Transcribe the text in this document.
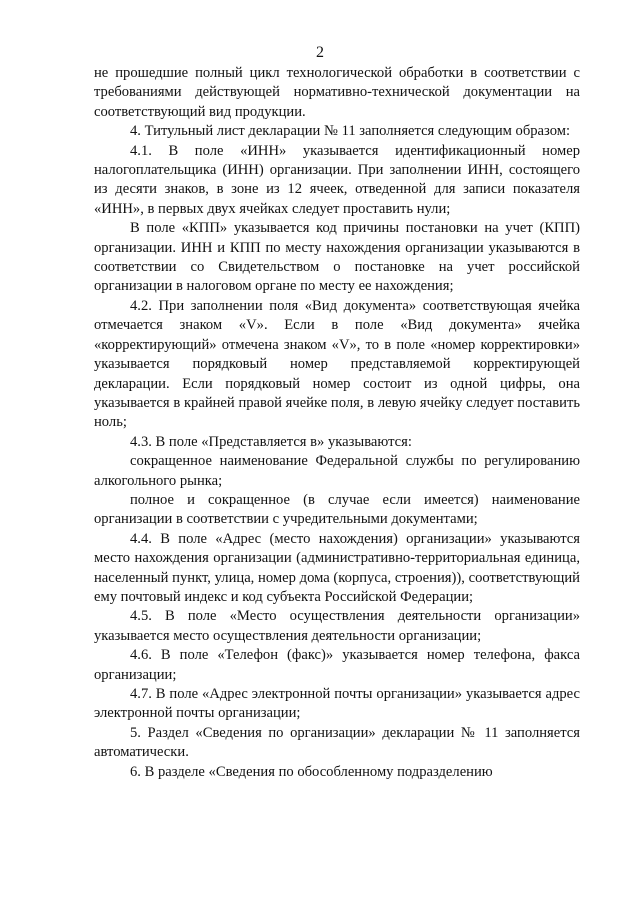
2

не прошедшие полный цикл технологической обработки в соответствии с требованиями действующей нормативно-технической документации на соответствующий вид продукции.

4. Титульный лист декларации № 11 заполняется следующим образом:

4.1. В поле «ИНН» указывается идентификационный номер налогоплательщика (ИНН) организации. При заполнении ИНН, состоящего из десяти знаков, в зоне из 12 ячеек, отведенной для записи показателя «ИНН», в первых двух ячейках следует проставить нули;

В поле «КПП» указывается код причины постановки на учет (КПП) организации. ИНН и КПП по месту нахождения организации указываются в соответствии со Свидетельством о постановке на учет российской организации в налоговом органе по месту ее нахождения;

4.2. При заполнении поля «Вид документа» соответствующая ячейка отмечается знаком «V». Если в поле «Вид документа» ячейка «корректирующий» отмечена знаком «V», то в поле «номер корректировки» указывается порядковый номер представляемой корректирующей декларации. Если порядковый номер состоит из одной цифры, она указывается в крайней правой ячейке поля, в левую ячейку следует поставить ноль;

4.3. В поле «Представляется в» указываются:

сокращенное наименование Федеральной службы по регулированию алкогольного рынка;

полное и сокращенное (в случае если имеется) наименование организации в соответствии с учредительными документами;

4.4. В поле «Адрес (место нахождения) организации» указываются место нахождения организации (административно-территориальная единица, населенный пункт, улица, номер дома (корпуса, строения)), соответствующий ему почтовый индекс и код субъекта Российской Федерации;

4.5. В поле «Место осуществления деятельности организации» указывается место осуществления деятельности организации;

4.6. В поле «Телефон (факс)» указывается номер телефона, факса организации;

4.7. В поле «Адрес электронной почты организации» указывается адрес электронной почты организации;

5. Раздел «Сведения по организации» декларации № 11 заполняется автоматически.

6. В разделе «Сведения по обособленному подразделению
